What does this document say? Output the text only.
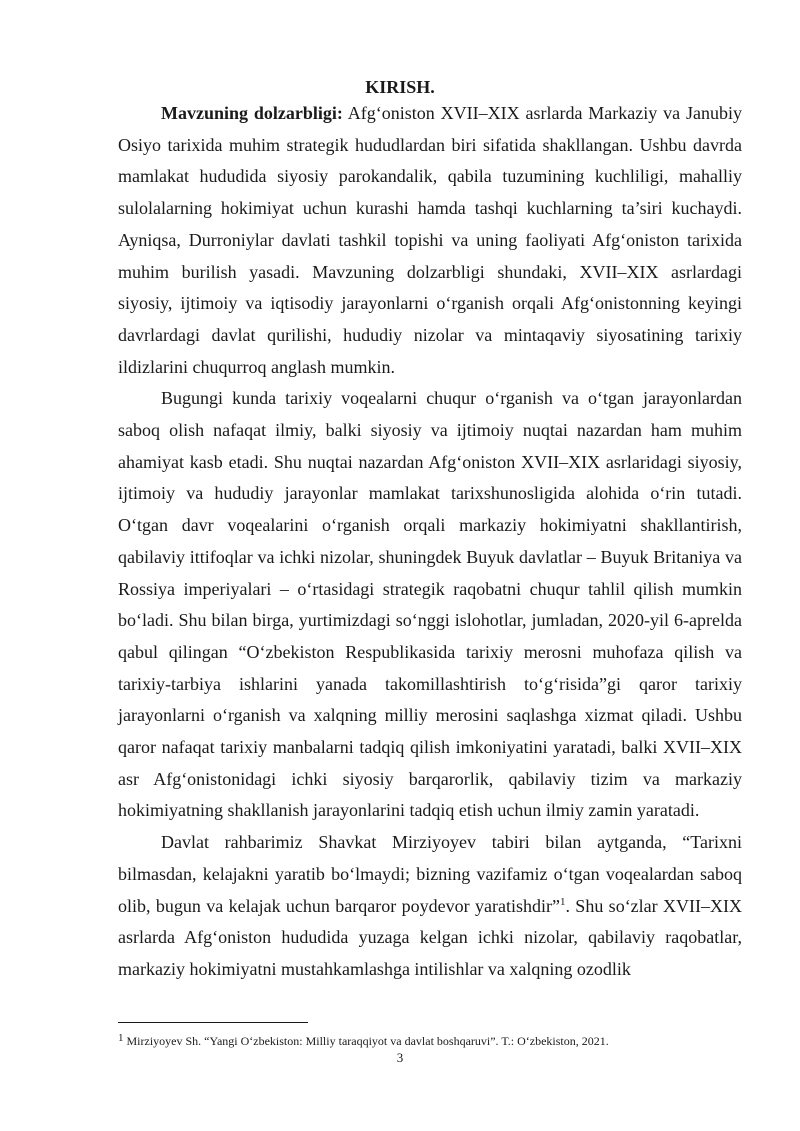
KIRISH.

Mavzuning dolzarbligi: Afg‘oniston XVII–XIX asrlarda Markaziy va Janubiy Osiyo tarixida muhim strategik hududlardan biri sifatida shakllangan. Ushbu davrda mamlakat hududida siyosiy parokandalik, qabila tuzumining kuchliligi, mahalliy sulolalarning hokimiyat uchun kurashi hamda tashqi kuchlarning ta’siri kuchaydi. Ayniqsa, Durroniylar davlati tashkil topishi va uning faoliyati Afg‘oniston tarixida muhim burilish yasadi. Mavzuning dolzarbligi shundaki, XVII–XIX asrlardagi siyosiy, ijtimoiy va iqtisodiy jarayonlarni o‘rganish orqali Afg‘onistonning keyingi davrlardagi davlat qurilishi, hududiy nizolar va mintaqaviy siyosatining tarixiy ildizlarini chuqurroq anglash mumkin.

Bugungi kunda tarixiy voqealarni chuqur o‘rganish va o‘tgan jarayonlardan saboq olish nafaqat ilmiy, balki siyosiy va ijtimoiy nuqtai nazardan ham muhim ahamiyat kasb etadi. Shu nuqtai nazardan Afg‘oniston XVII–XIX asrlaridagi siyosiy, ijtimoiy va hududiy jarayonlar mamlakat tarixshunosligida alohida o‘rin tutadi. O‘tgan davr voqealarini o‘rganish orqali markaziy hokimiyatni shakllantirish, qabilaviy ittifoqlar va ichki nizolar, shuningdek Buyuk davlatlar – Buyuk Britaniya va Rossiya imperiyalari – o‘rtasidagi strategik raqobatni chuqur tahlil qilish mumkin bo‘ladi. Shu bilan birga, yurtimizdagi so‘nggi islohotlar, jumladan, 2020-yil 6-aprelda qabul qilingan “O‘zbekiston Respublikasida tarixiy merosni muhofaza qilish va tarixiy-tarbiya ishlarini yanada takomillashtirish to‘g‘risida”gi qaror tarixiy jarayonlarni o‘rganish va xalqning milliy merosini saqlashga xizmat qiladi. Ushbu qaror nafaqat tarixiy manbalarni tadqiq qilish imkoniyatini yaratadi, balki XVII–XIX asr Afg‘onistonidagi ichki siyosiy barqarorlik, qabilaviy tizim va markaziy hokimiyatning shakllanish jarayonlarini tadqiq etish uchun ilmiy zamin yaratadi.

Davlat rahbarimiz Shavkat Mirziyoyev tabiri bilan aytganda, “Tarixni bilmasdan, kelajakni yaratib bo‘lmaydi; bizning vazifamiz o‘tgan voqealardan saboq olib, bugun va kelajak uchun barqaror poydevor yaratishdir”$^1$. Shu so‘zlar XVII–XIX asrlarda Afg‘oniston hududida yuzaga kelgan ichki nizolar, qabilaviy raqobatlar, markaziy hokimiyatni mustahkamlashga intilishlar va xalqning ozodlik

1 Mirziyoyev Sh. “Yangi O‘zbekiston: Milliy taraqqiyot va davlat boshqaruvi”. T.: O‘zbekiston, 2021.
3
